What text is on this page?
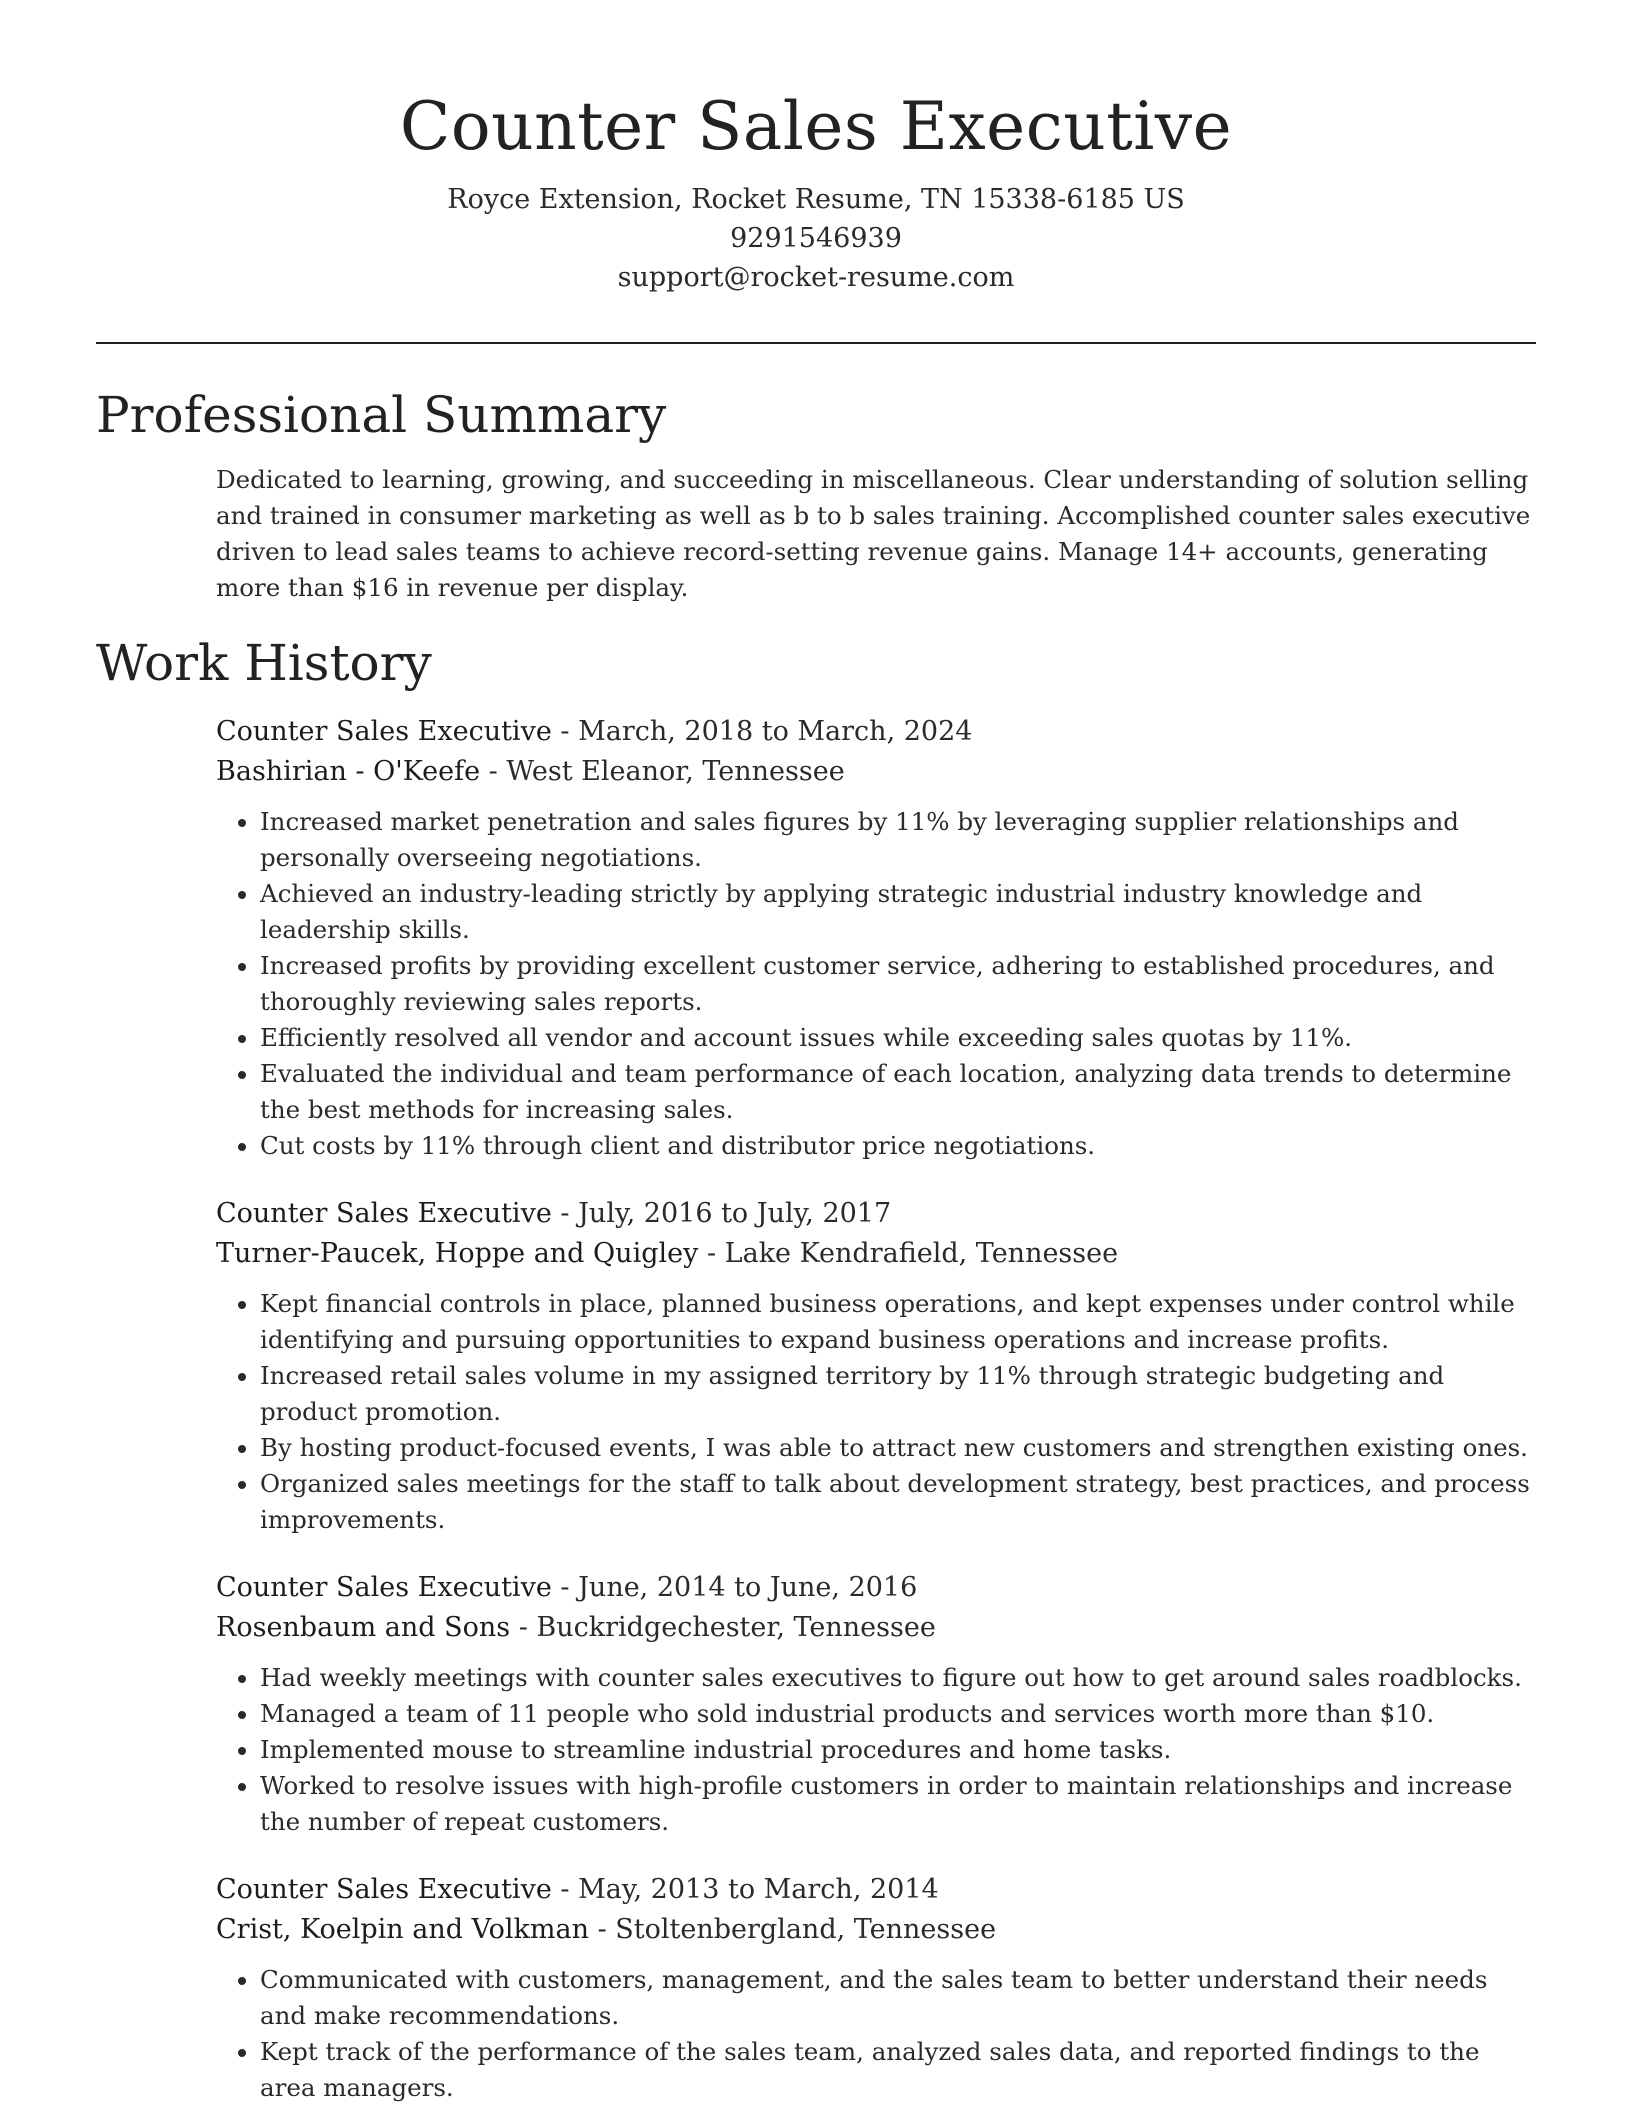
Counter Sales Executive
Royce Extension, Rocket Resume, TN 15338-6185 US
9291546939
support@rocket-resume.com
Professional Summary
Dedicated to learning, growing, and succeeding in miscellaneous. Clear understanding of solution selling and trained in consumer marketing as well as b to b sales training. Accomplished counter sales executive driven to lead sales teams to achieve record-setting revenue gains. Manage 14+ accounts, generating more than $16 in revenue per display.
Work History
Counter Sales Executive - March, 2018 to March, 2024
Bashirian - O'Keefe - West Eleanor, Tennessee
• Increased market penetration and sales figures by 11% by leveraging supplier relationships and personally overseeing negotiations.
• Achieved an industry-leading strictly by applying strategic industrial industry knowledge and leadership skills.
• Increased profits by providing excellent customer service, adhering to established procedures, and thoroughly reviewing sales reports.
• Efficiently resolved all vendor and account issues while exceeding sales quotas by 11%.
• Evaluated the individual and team performance of each location, analyzing data trends to determine the best methods for increasing sales.
• Cut costs by 11% through client and distributor price negotiations.
Counter Sales Executive - July, 2016 to July, 2017
Turner-Paucek, Hoppe and Quigley - Lake Kendrafield, Tennessee
• Kept financial controls in place, planned business operations, and kept expenses under control while identifying and pursuing opportunities to expand business operations and increase profits.
• Increased retail sales volume in my assigned territory by 11% through strategic budgeting and product promotion.
• By hosting product-focused events, I was able to attract new customers and strengthen existing ones.
• Organized sales meetings for the staff to talk about development strategy, best practices, and process improvements.
Counter Sales Executive - June, 2014 to June, 2016
Rosenbaum and Sons - Buckridgechester, Tennessee
• Had weekly meetings with counter sales executives to figure out how to get around sales roadblocks.
• Managed a team of 11 people who sold industrial products and services worth more than $10.
• Implemented mouse to streamline industrial procedures and home tasks.
• Worked to resolve issues with high-profile customers in order to maintain relationships and increase the number of repeat customers.
Counter Sales Executive - May, 2013 to March, 2014
Crist, Koelpin and Volkman - Stoltenbergland, Tennessee
• Communicated with customers, management, and the sales team to better understand their needs and make recommendations.
• Kept track of the performance of the sales team, analyzed sales data, and reported findings to the area managers.
